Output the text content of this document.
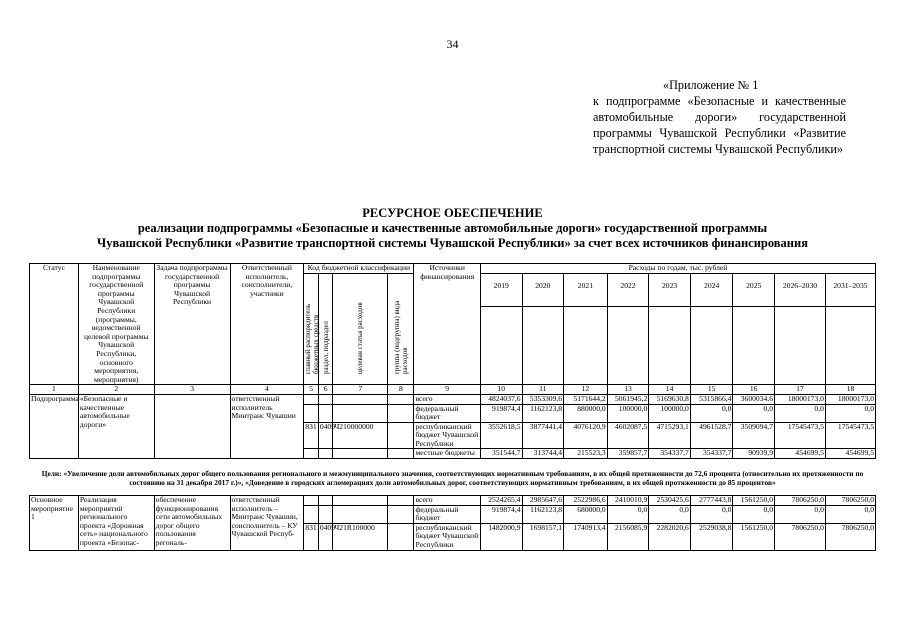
34
«Приложение № 1
к подпрограмме «Безопасные и качественные автомобильные дороги» государственной программы Чувашской Республики «Развитие транспортной системы Чувашской Республики»
РЕСУРСНОЕ ОБЕСПЕЧЕНИЕ
реализации подпрограммы «Безопасные и качественные автомобильные дороги» государственной программы
Чувашской Республики «Развитие транспортной системы Чувашской Республики» за счет всех источников финансирования
Статус	Наименование подпрограммы государственной программы Чувашской Республики (программы, ведомственной целевой программы Чувашской Республики, основного мероприятия, мероприятия)	Задача подпрограммы государственной программы Чувашской Республики	Ответственный исполнитель, соисполнители, участники	Код бюджетной классификации				Источники финансирования	Расходы по годам, тыс. рублей								

				главный распорядитель бюджетных средств	раздел, подраздел	целевая статья расходов	группа (подгруппа) вида расходов		2019	2020	2021	2022	2023	2024	2025	2026–2030	2031–2035

1	2	3	4	5	6	7	8	9	10	11	12	13	14	15	16	17	18
Подпрограмма	«Безопасные и качественные автомобильные дороги»		ответственный исполнитель Минтранс Чувашии					всего	4824037,6	5353309,6	5171644,2	5061945,2	5169630,8	5315866,4	3600034,6	18000173,0	18000173,0
								федеральный бюджет	919874,4	1162123,8	880000,0	100000,0	100000,0	0,0	0,0	0,0	0,0
				831	0409	Ч210000000		республиканский бюджет Чувашской Республики	3552618,5	3877441,4	4076120,9	4602087,5	4715293,1	4961528,7	3509094,7	17545473,5	17545473,5
								местные бюджеты	351544,7	313744,4	215523,3	359857,7	354337,7	354337,7	90939,9	454699,5	454699,5
Цели: «Увеличение доли автомобильных дорог общего пользования регионального и межмуниципального значения, соответствующих нормативным требованиям, в их общей протяженности до 72,6 процента (относительно их протяженности по состоянию на 31 декабря 2017 г.)», «Доведение в городских агломерациях доли автомобильных дорог, соответствующих нормативным требованиям, в их общей протяженности до 85 процентов»																	
Основное мероприятие 1	Реализация мероприятий регионального проекта «Дорожная сеть» национального проекта «Безопас-	обеспечение функционирования сети автомобильных дорог общего пользования регональ-	ответственный исполнитель – Минтранс Чувашии, соисполнитель – КУ Чувашской Респуб-					всего	2524265,4	2985647,6	2522986,6	2410010,9	2530425,6	2777443,8	1561250,0	7806250,0	7806250,0
								федеральный бюджет	919874,4	1162123,8	680000,0	0,0	0,0	0,0	0,0	0,0	0,0
				831	0409	Ч21R100000		республиканский бюджет Чувашской Республики	1482000,9	1698157,1	1740913,4	2156085,9	2282020,6	2529038,8	1561250,0	7806250,0	7806250,0
